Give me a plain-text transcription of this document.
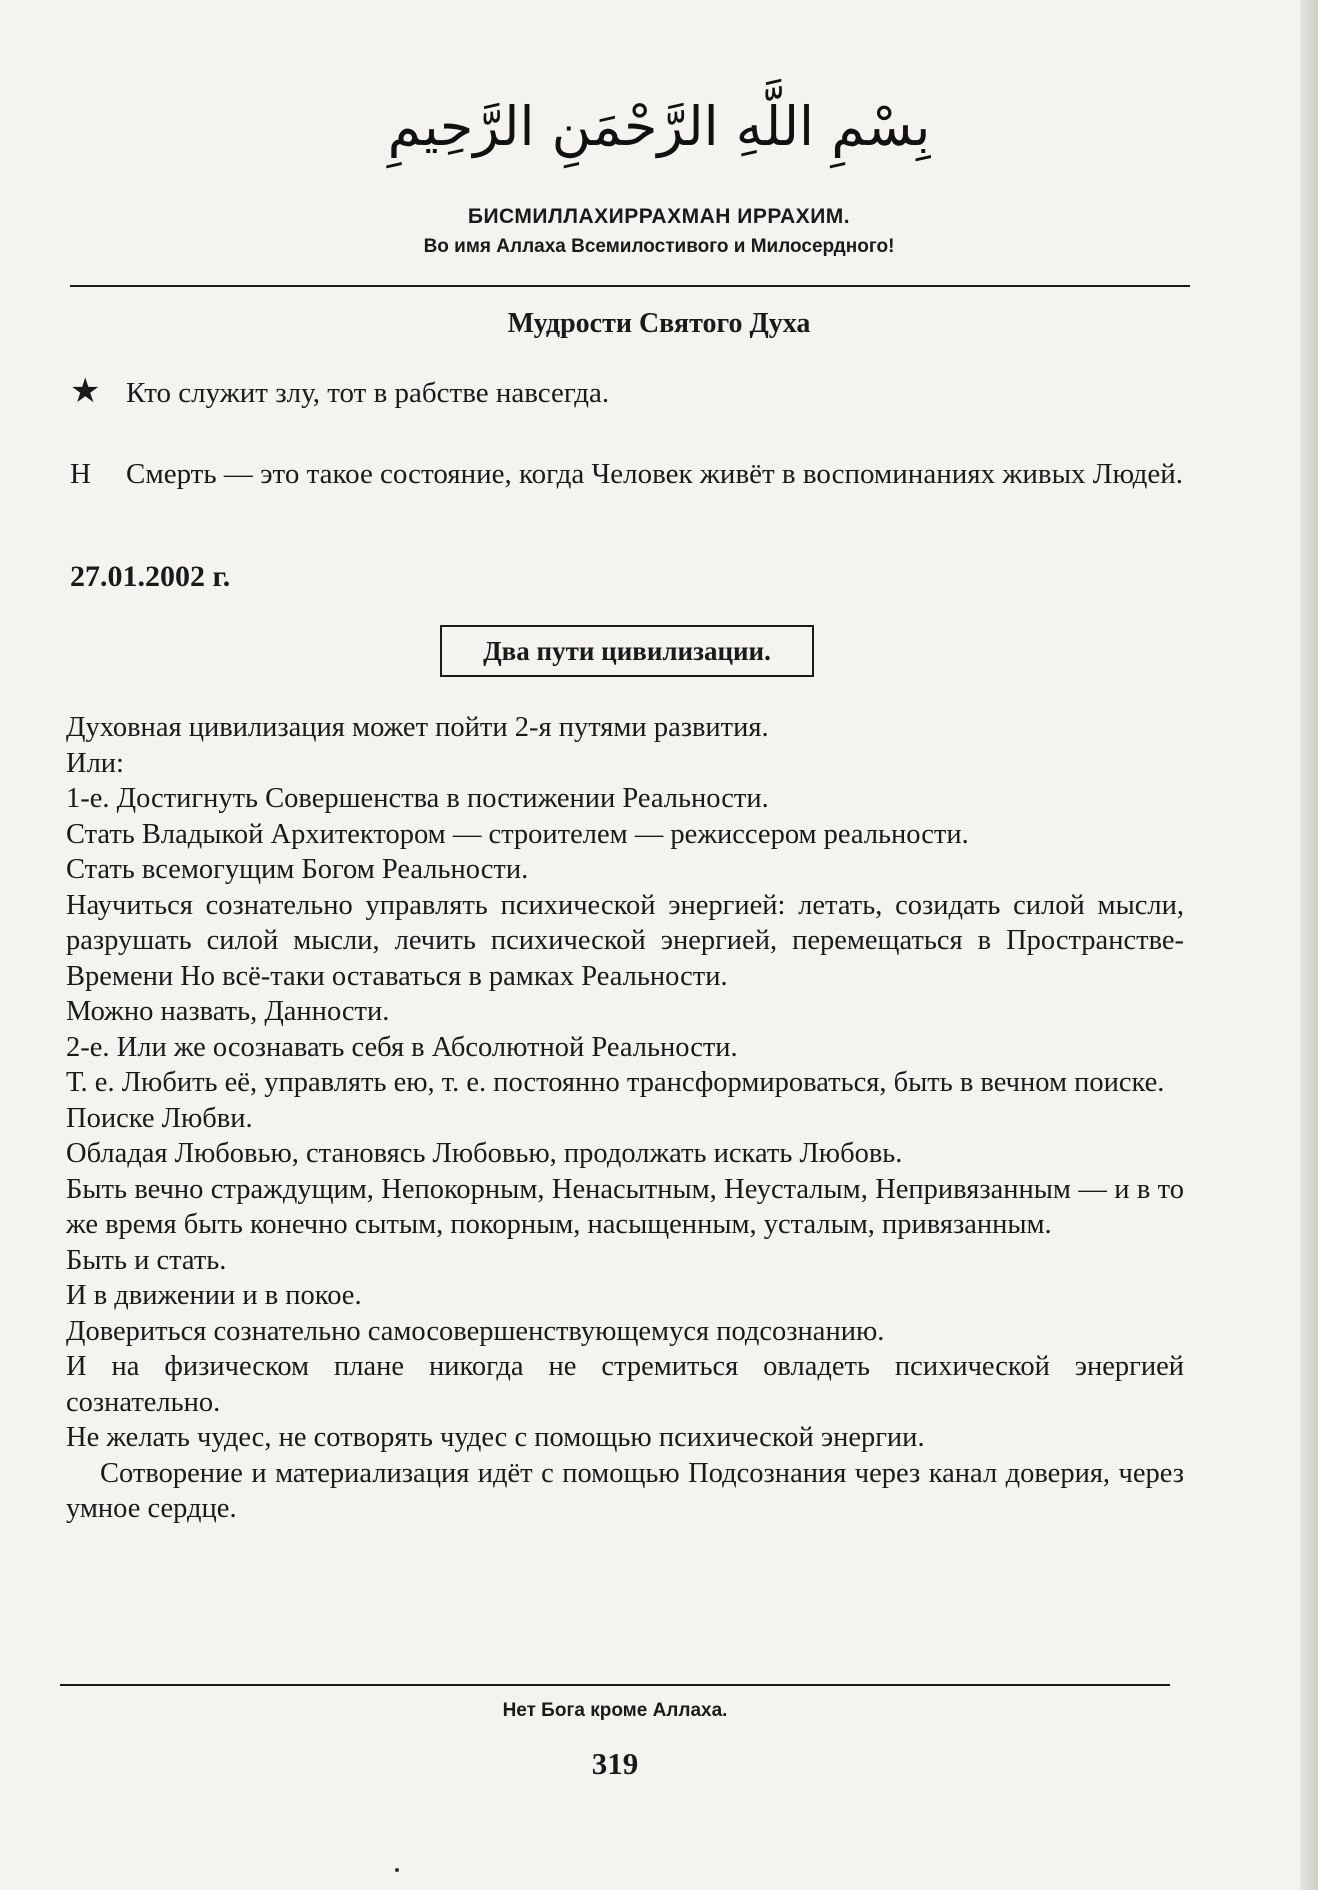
بِسْمِ اللَّهِ الرَّحْمَنِ الرَّحِيمِ
БИСМИЛЛАХИРРАХМАН ИРРАХИМ.
Во имя Аллаха Всемилостивого и Милосердного!
Мудрости Святого Духа
★ Кто служит злу, тот в рабстве навсегда.
Н Смерть — это такое состояние, когда Человек живёт в воспоминаниях живых Людей.
27.01.2002 г.
Два пути цивилизации.

Духовная цивилизация может пойти 2-я путями развития.

Или:

1-е. Достигнуть Совершенства в постижении Реальности.

Стать Владыкой Архитектором — строителем — режиссером реальности.

Стать всемогущим Богом Реальности.

Научиться сознательно управлять психической энергией: летать, созидать силой мысли, разрушать силой мысли, лечить психической энергией, перемещаться в Пространстве-Времени Но всё-таки оставаться в рамках Реальности.

Можно назвать, Данности.

2-е. Или же осознавать себя в Абсолютной Реальности.

Т. е. Любить её, управлять ею, т. е. постоянно трансформироваться, быть в вечном поиске.

Поиске Любви.

Обладая Любовью, становясь Любовью, продолжать искать Любовь.

Быть вечно страждущим, Непокорным, Ненасытным, Неусталым, Непривязанным — и в то же время быть конечно сытым, покорным, насыщенным, усталым, привязанным.

Быть и стать.

И в движении и в покое.

Довериться сознательно самосовершенствующемуся подсознанию.

И на физическом плане никогда не стремиться овладеть психической энергией сознательно.

Не желать чудес, не сотворять чудес с помощью психической энергии.

Сотворение и материализация идёт с помощью Подсознания через канал доверия, через умное сердце.

Нет Бога кроме Аллаха.
319
